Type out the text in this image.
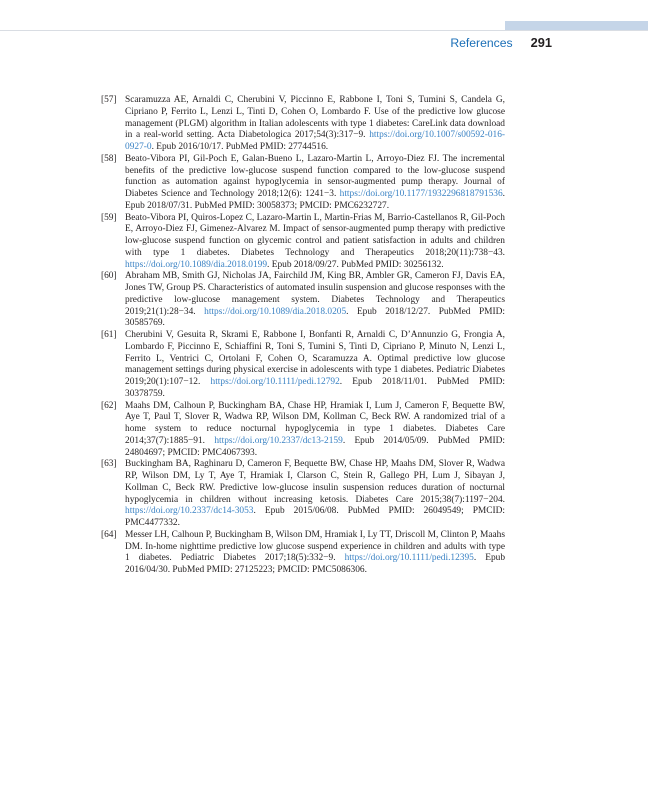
References 291
[57] Scaramuzza AE, Arnaldi C, Cherubini V, Piccinno E, Rabbone I, Toni S, Tumini S, Candela G, Cipriano P, Ferrito L, Lenzi L, Tinti D, Cohen O, Lombardo F. Use of the predictive low glucose management (PLGM) algorithm in Italian adolescents with type 1 diabetes: CareLink data download in a real-world setting. Acta Diabetologica 2017;54(3):317−9. https://doi.org/10.1007/s00592-016-0927-0. Epub 2016/10/17. PubMed PMID: 27744516.
[58] Beato-Vibora PI, Gil-Poch E, Galan-Bueno L, Lazaro-Martin L, Arroyo-Diez FJ. The incremental benefits of the predictive low-glucose suspend function compared to the low-glucose suspend function as automation against hypoglycemia in sensor-augmented pump therapy. Journal of Diabetes Science and Technology 2018;12(6): 1241−3. https://doi.org/10.1177/1932296818791536. Epub 2018/07/31. PubMed PMID: 30058373; PMCID: PMC6232727.
[59] Beato-Vibora PI, Quiros-Lopez C, Lazaro-Martin L, Martin-Frias M, Barrio-Castellanos R, Gil-Poch E, Arroyo-Diez FJ, Gimenez-Alvarez M. Impact of sensor-augmented pump therapy with predictive low-glucose suspend function on glycemic control and patient satisfaction in adults and children with type 1 diabetes. Diabetes Technology and Therapeutics 2018;20(11):738−43. https://doi.org/10.1089/dia.2018.0199. Epub 2018/09/27. PubMed PMID: 30256132.
[60] Abraham MB, Smith GJ, Nicholas JA, Fairchild JM, King BR, Ambler GR, Cameron FJ, Davis EA, Jones TW, Group PS. Characteristics of automated insulin suspension and glucose responses with the predictive low-glucose management system. Diabetes Technology and Therapeutics 2019;21(1):28−34. https://doi.org/10.1089/dia.2018.0205. Epub 2018/12/27. PubMed PMID: 30585769.
[61] Cherubini V, Gesuita R, Skrami E, Rabbone I, Bonfanti R, Arnaldi C, D’Annunzio G, Frongia A, Lombardo F, Piccinno E, Schiaffini R, Toni S, Tumini S, Tinti D, Cipriano P, Minuto N, Lenzi L, Ferrito L, Ventrici C, Ortolani F, Cohen O, Scaramuzza A. Optimal predictive low glucose management settings during physical exercise in adolescents with type 1 diabetes. Pediatric Diabetes 2019;20(1):107−12. https://doi.org/10.1111/pedi.12792. Epub 2018/11/01. PubMed PMID: 30378759.
[62] Maahs DM, Calhoun P, Buckingham BA, Chase HP, Hramiak I, Lum J, Cameron F, Bequette BW, Aye T, Paul T, Slover R, Wadwa RP, Wilson DM, Kollman C, Beck RW. A randomized trial of a home system to reduce nocturnal hypoglycemia in type 1 diabetes. Diabetes Care 2014;37(7):1885−91. https://doi.org/10.2337/dc13-2159. Epub 2014/05/09. PubMed PMID: 24804697; PMCID: PMC4067393.
[63] Buckingham BA, Raghinaru D, Cameron F, Bequette BW, Chase HP, Maahs DM, Slover R, Wadwa RP, Wilson DM, Ly T, Aye T, Hramiak I, Clarson C, Stein R, Gallego PH, Lum J, Sibayan J, Kollman C, Beck RW. Predictive low-glucose insulin suspension reduces duration of nocturnal hypoglycemia in children without increasing ketosis. Diabetes Care 2015;38(7):1197−204. https://doi.org/10.2337/dc14-3053. Epub 2015/06/08. PubMed PMID: 26049549; PMCID: PMC4477332.
[64] Messer LH, Calhoun P, Buckingham B, Wilson DM, Hramiak I, Ly TT, Driscoll M, Clinton P, Maahs DM. In-home nighttime predictive low glucose suspend experience in children and adults with type 1 diabetes. Pediatric Diabetes 2017;18(5):332−9. https://doi.org/10.1111/pedi.12395. Epub 2016/04/30. PubMed PMID: 27125223; PMCID: PMC5086306.
